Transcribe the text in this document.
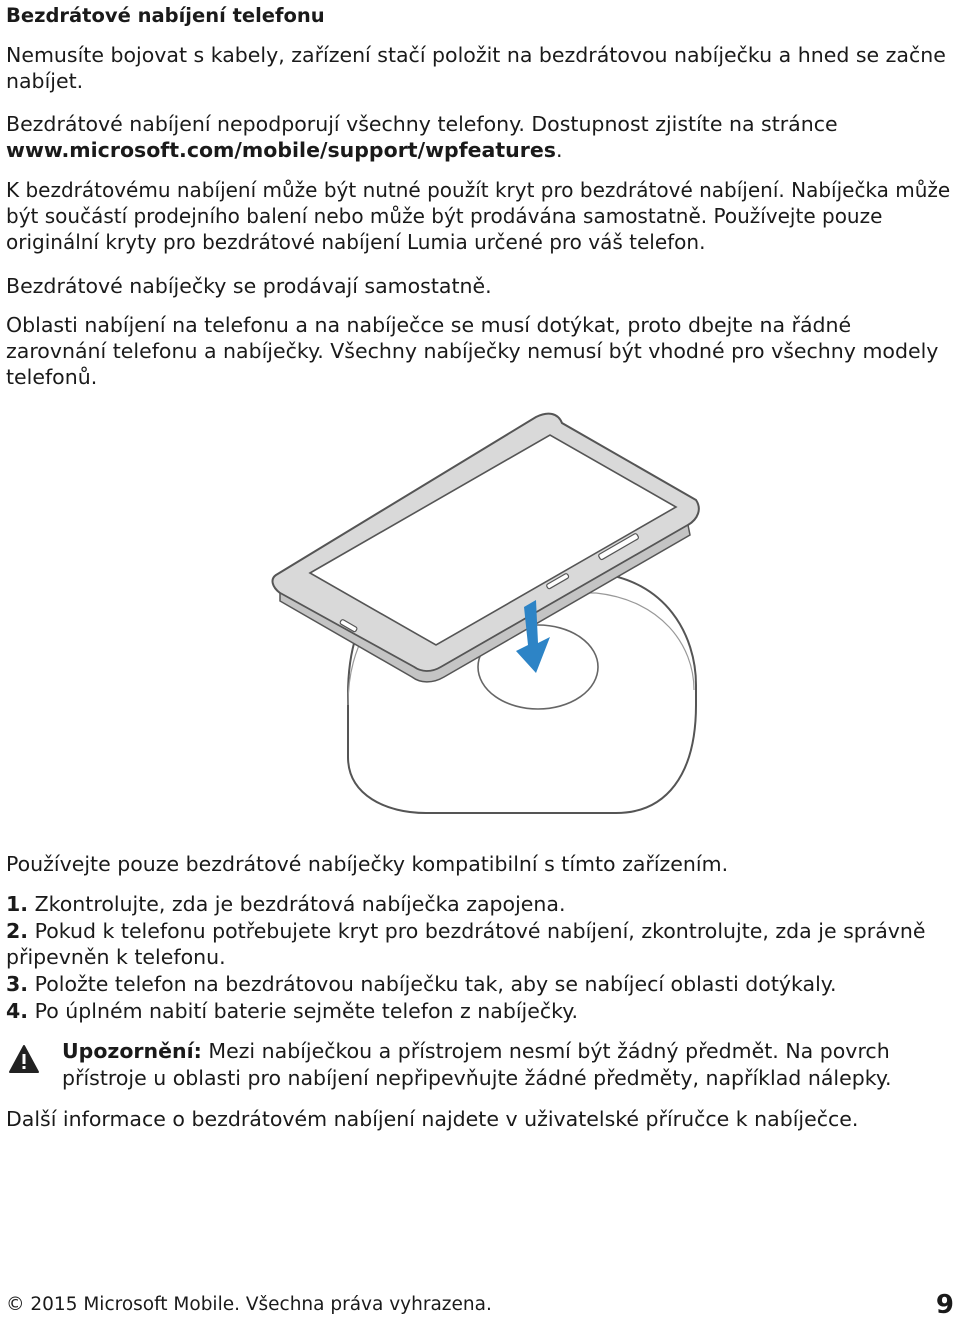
Bezdrátové nabíjení telefonu

Nemusíte bojovat s kabely, zařízení stačí položit na bezdrátovou nabíječku a hned se začne nabíjet.

Bezdrátové nabíjení nepodporují všechny telefony. Dostupnost zjistíte na stránce www.microsoft.com/mobile/support/wpfeatures.

K bezdrátovému nabíjení může být nutné použít kryt pro bezdrátové nabíjení. Nabíječka může být součástí prodejního balení nebo může být prodávána samostatně. Používejte pouze originální kryty pro bezdrátové nabíjení Lumia určené pro váš telefon.

Bezdrátové nabíječky se prodávají samostatně.

Oblasti nabíjení na telefonu a na nabíječce se musí dotýkat, proto dbejte na řádné zarovnání telefonu a nabíječky. Všechny nabíječky nemusí být vhodné pro všechny modely telefonů.

Používejte pouze bezdrátové nabíječky kompatibilní s tímto zařízením.

1. Zkontrolujte, zda je bezdrátová nabíječka zapojena.

2. Pokud k telefonu potřebujete kryt pro bezdrátové nabíjení, zkontrolujte, zda je správně připevněn k telefonu.

3. Položte telefon na bezdrátovou nabíječku tak, aby se nabíjecí oblasti dotýkaly.

4. Po úplném nabití baterie sejměte telefon z nabíječky.

Upozornění: Mezi nabíječkou a přístrojem nesmí být žádný předmět. Na povrch přístroje u oblasti pro nabíjení nepřipevňujte žádné předměty, například nálepky.

Další informace o bezdrátovém nabíjení najdete v uživatelské příručce k nabíječce.

© 2015 Microsoft Mobile. Všechna práva vyhrazena.	9
